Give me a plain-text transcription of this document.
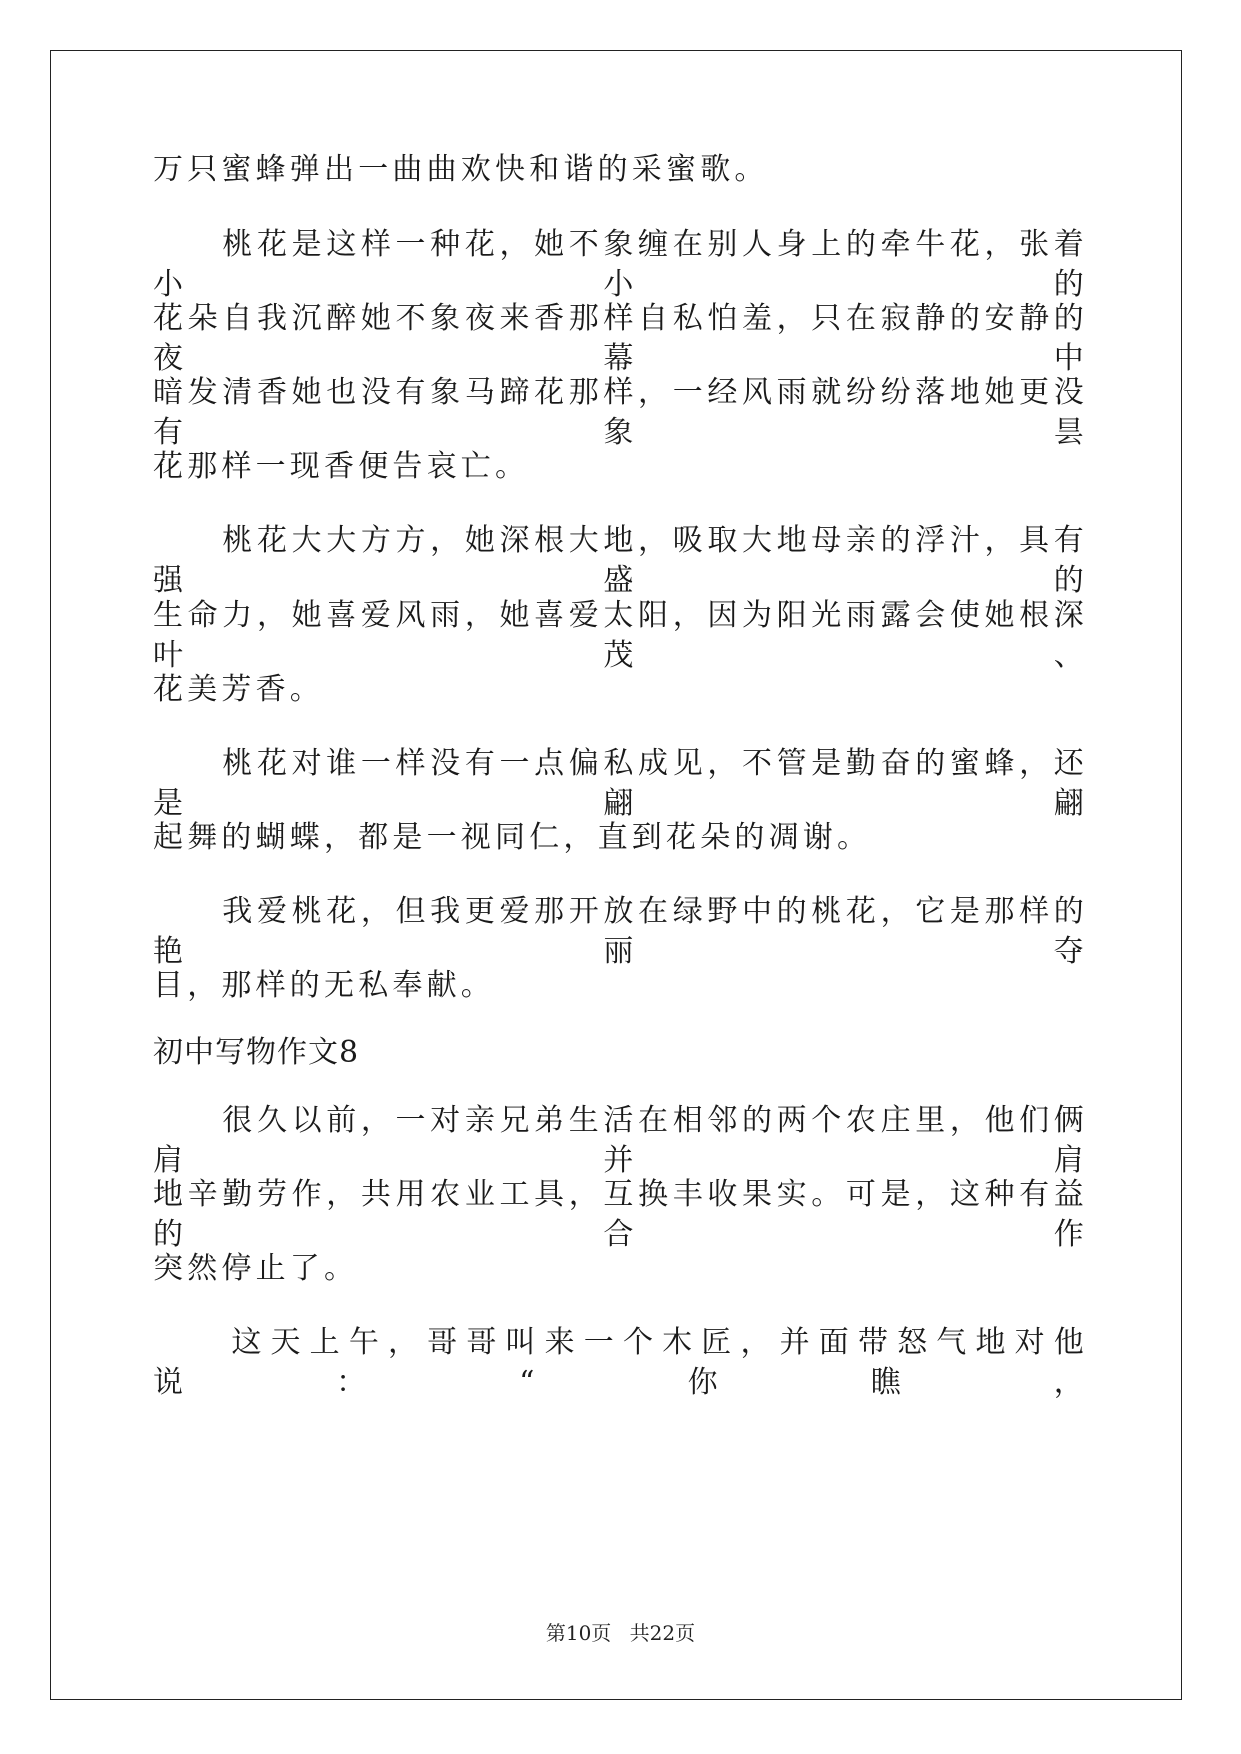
万只蜜蜂弹出一曲曲欢快和谐的采蜜歌。
　　桃花是这样一种花，她不象缠在别人身上的牵牛花，张着小小的
花朵自我沉醉她不象夜来香那样自私怕羞，只在寂静的安静的夜幕中
暗发清香她也没有象马蹄花那样，一经风雨就纷纷落地她更没有象昙
花那样一现香便告哀亡。
　　桃花大大方方，她深根大地，吸取大地母亲的浮汁，具有强盛的
生命力，她喜爱风雨，她喜爱太阳，因为阳光雨露会使她根深叶茂、
花美芳香。
　　桃花对谁一样没有一点偏私成见，不管是勤奋的蜜蜂，还是翩翩
起舞的蝴蝶，都是一视同仁，直到花朵的凋谢。
　　我爱桃花，但我更爱那开放在绿野中的桃花，它是那样的艳丽夺
目，那样的无私奉献。
初中写物作文8
　　很久以前，一对亲兄弟生活在相邻的两个农庄里，他们俩肩并肩
地辛勤劳作，共用农业工具，互换丰收果实。可是，这种有益的合作
突然停止了。
　　这天上午，哥哥叫来一个木匠，并面带怒气地对他说：“你瞧，
第10页 共22页
